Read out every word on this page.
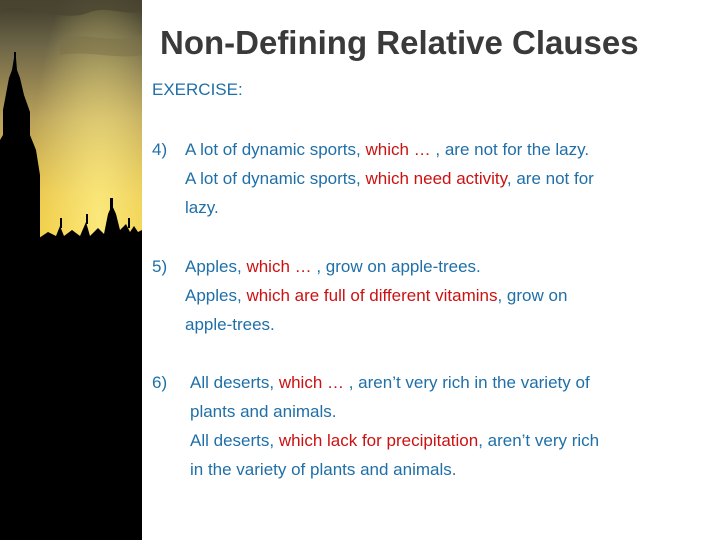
Non-Defining Relative Clauses
EXERCISE:
4) A lot of dynamic sports, which … , are not for the lazy.
A lot of dynamic sports, which need activity, are not for
lazy.
5) Apples, which … , grow on apple-trees.
Apples, which are full of different vitamins, grow on
apple-trees.
6) All deserts, which … , aren’t very rich in the variety of
plants and animals.
All deserts, which lack for precipitation, aren’t very rich
in the variety of plants and animals.
